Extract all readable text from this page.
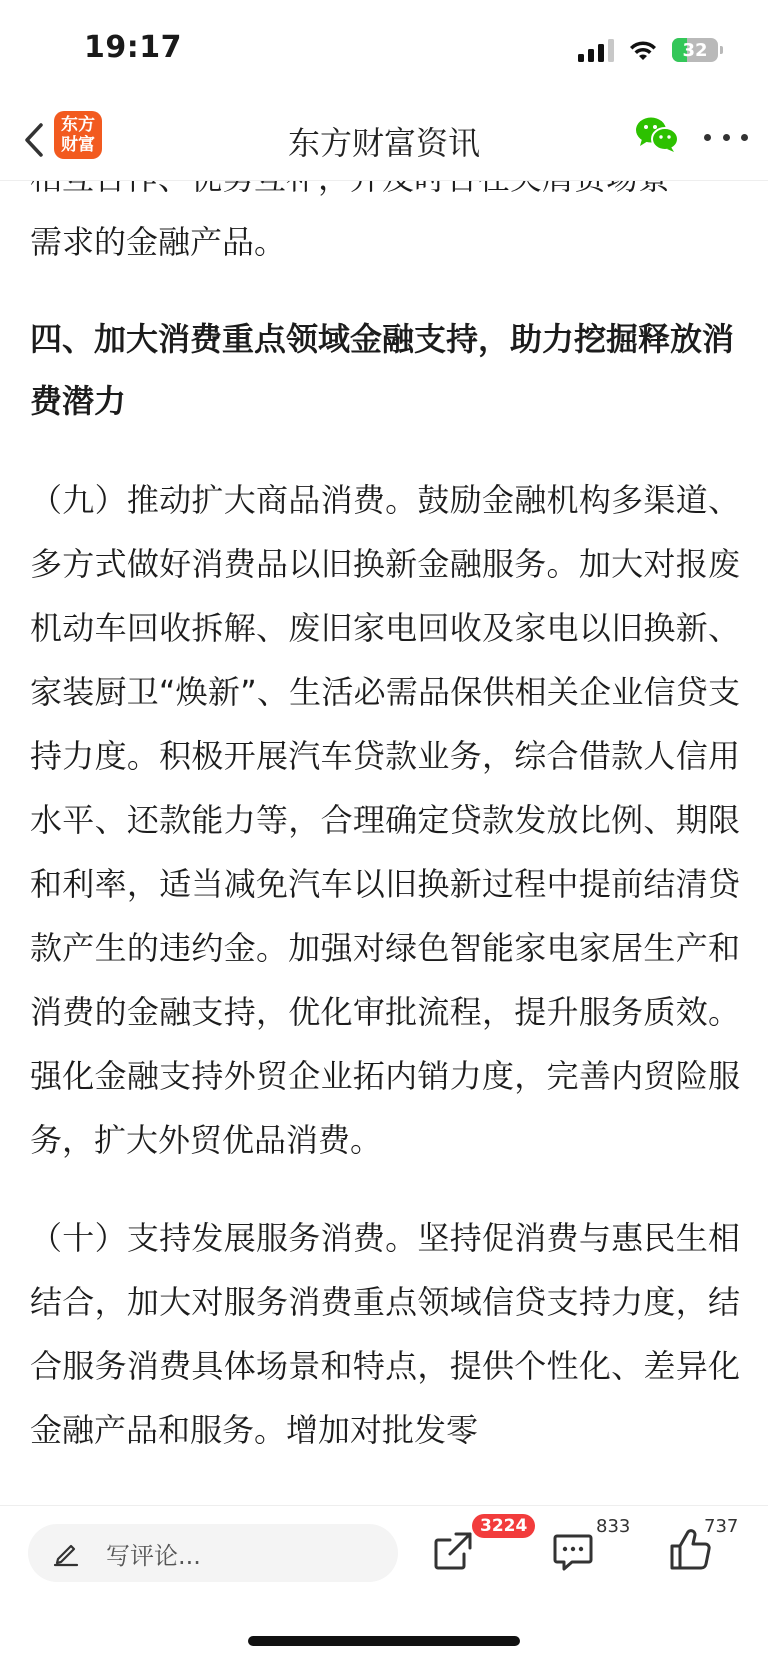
19:17	32
东方
财富	东方财富资讯

需求的金融产品。

四、加大消费重点领域金融支持，助力挖掘释放消费潜力

（九）推动扩大商品消费。鼓励金融机构多渠道、多方式做好消费品以旧换新金融服务。加大对报废机动车回收拆解、废旧家电回收及家电以旧换新、家装厨卫“焕新”、生活必需品保供相关企业信贷支持力度。积极开展汽车贷款业务，综合借款人信用水平、还款能力等，合理确定贷款发放比例、期限和利率，适当减免汽车以旧换新过程中提前结清贷款产生的违约金。加强对绿色智能家电家居生产和消费的金融支持，优化审批流程，提升服务质效。强化金融支持外贸企业拓内销力度，完善内贸险服务，扩大外贸优品消费。

（十）支持发展服务消费。坚持促消费与惠民生相结合，加大对服务消费重点领域信贷支持力度，结合服务消费具体场景和特点，提供个性化、差异化金融产品和服务。增加对批发零

写评论...
3224	833	737
